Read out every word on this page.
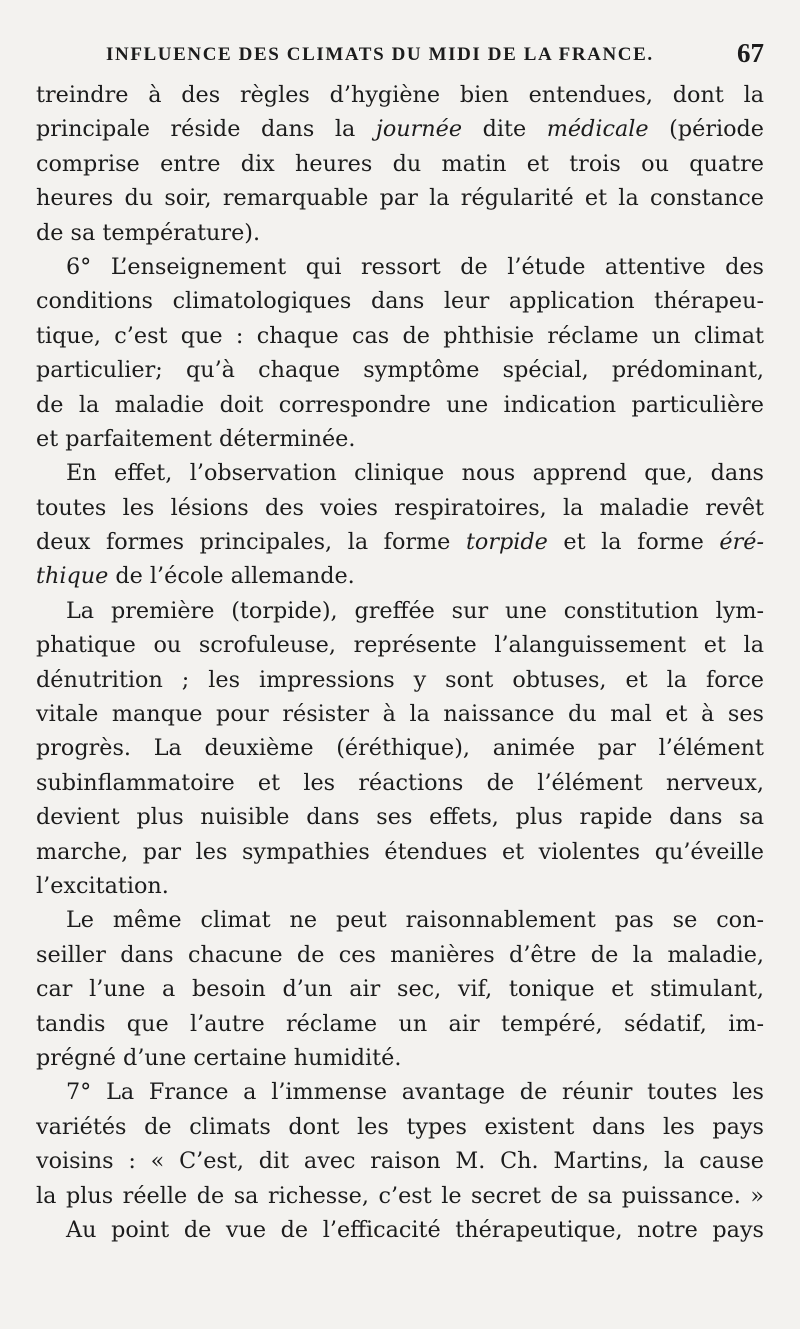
INFLUENCE DES CLIMATS DU MIDI DE LA FRANCE.	67
treindre à des règles d’hygiène bien entendues, dont la
principale réside dans la journée dite médicale (période
comprise entre dix heures du matin et trois ou quatre
heures du soir, remarquable par la régularité et la constance
de sa température).
6° L’enseignement qui ressort de l’étude attentive des
conditions climatologiques dans leur application thérapeu-
tique, c’est que : chaque cas de phthisie réclame un climat
particulier; qu’à chaque symptôme spécial, prédominant,
de la maladie doit correspondre une indication particulière
et parfaitement déterminée.
En effet, l’observation clinique nous apprend que, dans
toutes les lésions des voies respiratoires, la maladie revêt
deux formes principales, la forme torpide et la forme éré-
thique de l’école allemande.
La première (torpide), greffée sur une constitution lym-
phatique ou scrofuleuse, représente l’alanguissement et la
dénutrition ; les impressions y sont obtuses, et la force
vitale manque pour résister à la naissance du mal et à ses
progrès. La deuxième (éréthique), animée par l’élément
subinflammatoire et les réactions de l’élément nerveux,
devient plus nuisible dans ses effets, plus rapide dans sa
marche, par les sympathies étendues et violentes qu’éveille
l’excitation.
Le même climat ne peut raisonnablement pas se con-
seiller dans chacune de ces manières d’être de la maladie,
car l’une a besoin d’un air sec, vif, tonique et stimulant,
tandis que l’autre réclame un air tempéré, sédatif, im-
prégné d’une certaine humidité.
7° La France a l’immense avantage de réunir toutes les
variétés de climats dont les types existent dans les pays
voisins : « C’est, dit avec raison M. Ch. Martins, la cause
la plus réelle de sa richesse, c’est le secret de sa puissance. »
Au point de vue de l’efficacité thérapeutique, notre pays
